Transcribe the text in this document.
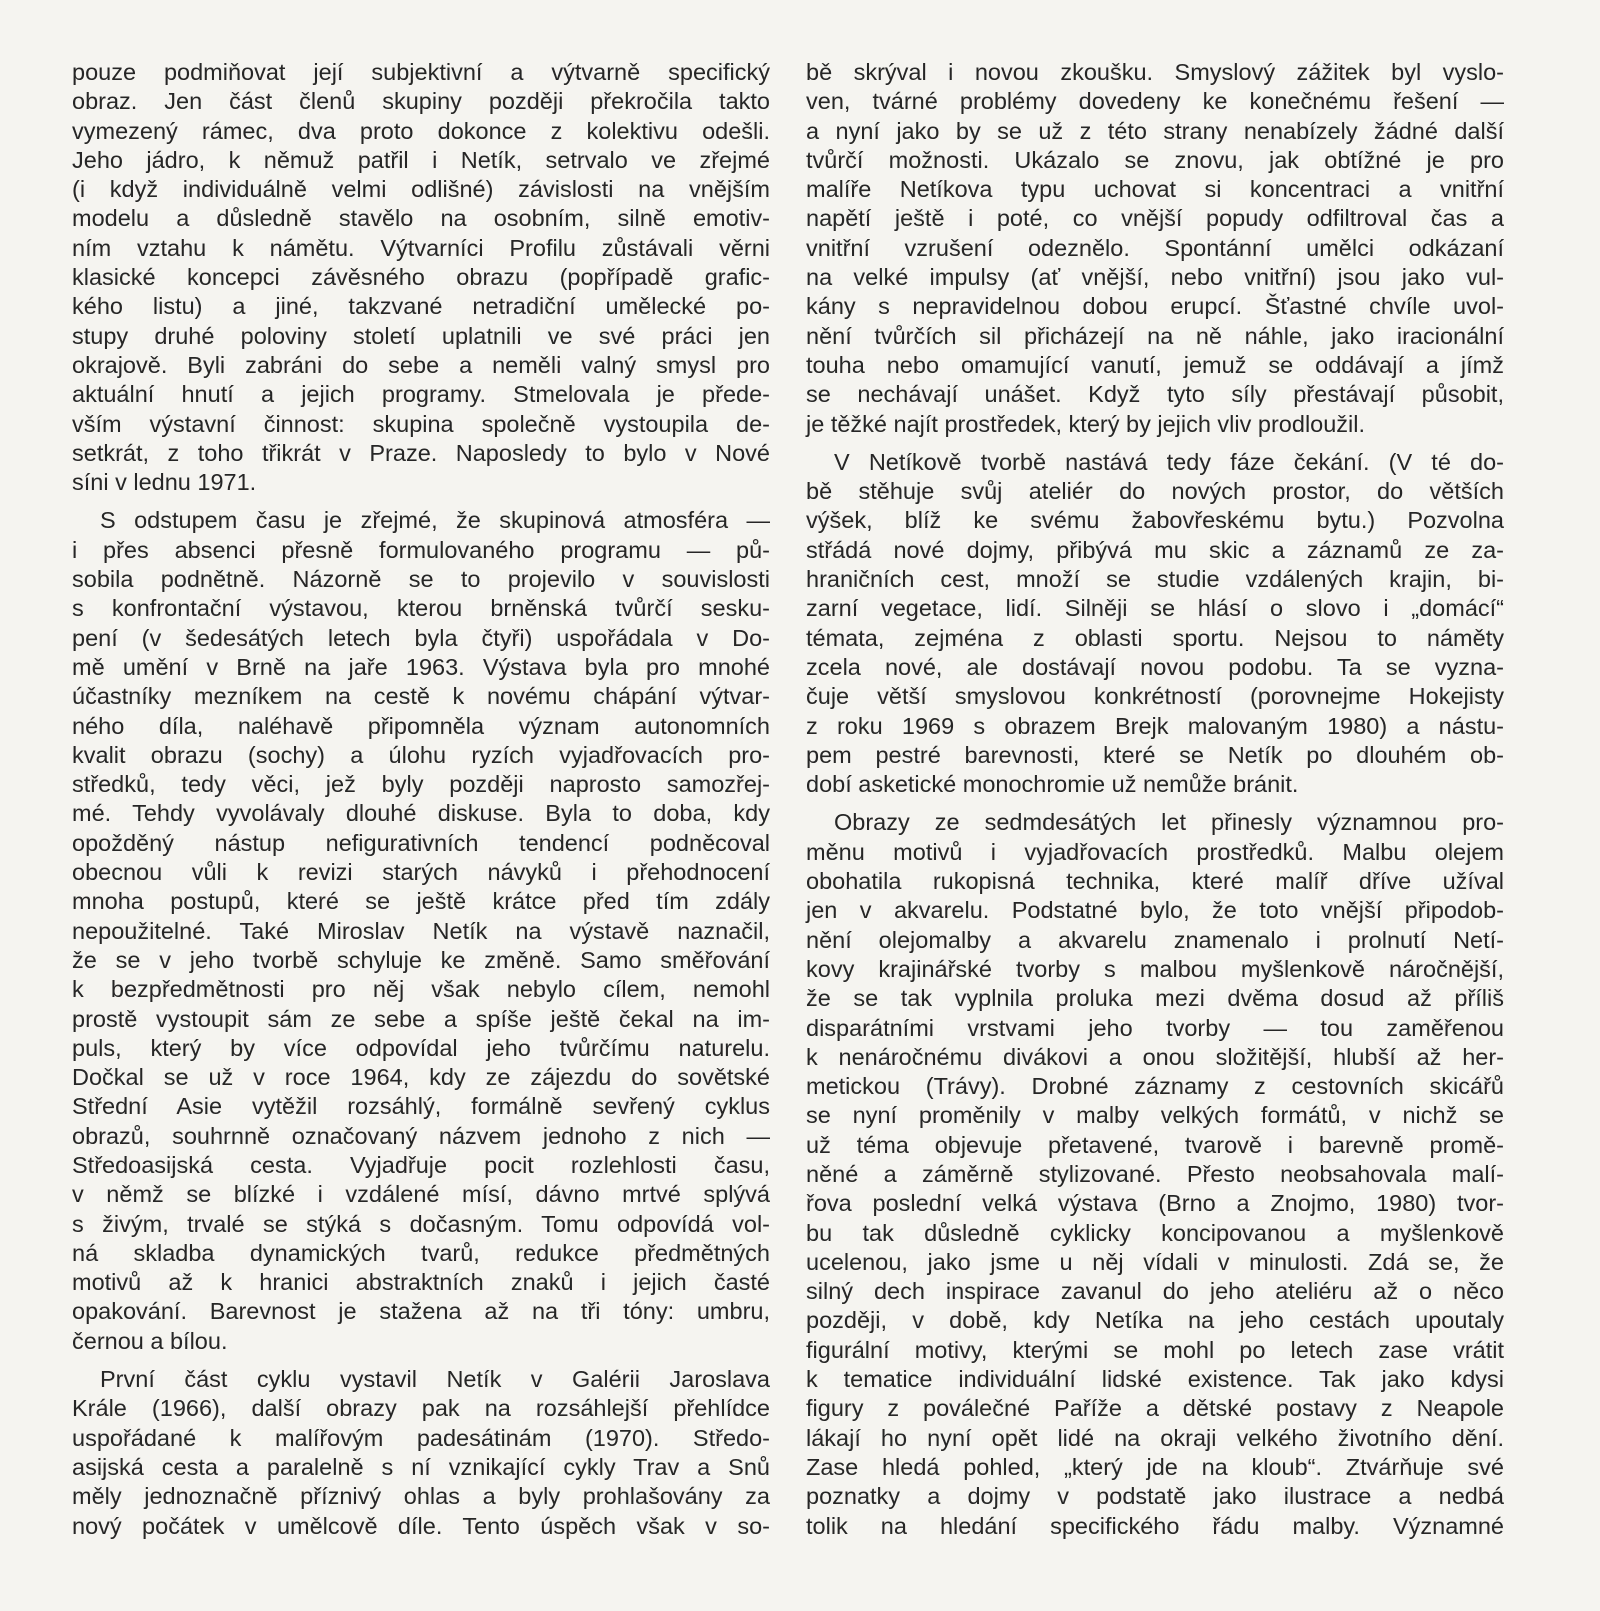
pouze podmiňovat její subjektivní a výtvarně specifický
obraz. Jen část členů skupiny později překročila takto
vymezený rámec, dva proto dokonce z kolektivu odešli.
Jeho jádro, k němuž patřil i Netík, setrvalo ve zřejmé
(i když individuálně velmi odlišné) závislosti na vnějším
modelu a důsledně stavělo na osobním, silně emotiv-
ním vztahu k námětu. Výtvarníci Profilu zůstávali věrni
klasické koncepci závěsného obrazu (popřípadě grafic-
kého listu) a jiné, takzvané netradiční umělecké po-
stupy druhé poloviny století uplatnili ve své práci jen
okrajově. Byli zabráni do sebe a neměli valný smysl pro
aktuální hnutí a jejich programy. Stmelovala je přede-
vším výstavní činnost: skupina společně vystoupila de-
setkrát, z toho třikrát v Praze. Naposledy to bylo v Nové
síni v lednu 1971.
S odstupem času je zřejmé, že skupinová atmosféra —
i přes absenci přesně formulovaného programu — pů-
sobila podnětně. Názorně se to projevilo v souvislosti
s konfrontační výstavou, kterou brněnská tvůrčí sesku-
pení (v šedesátých letech byla čtyři) uspořádala v Do-
mě umění v Brně na jaře 1963. Výstava byla pro mnohé
účastníky mezníkem na cestě k novému chápání výtvar-
ného díla, naléhavě připomněla význam autonomních
kvalit obrazu (sochy) a úlohu ryzích vyjadřovacích pro-
středků, tedy věci, jež byly později naprosto samozřej-
mé. Tehdy vyvolávaly dlouhé diskuse. Byla to doba, kdy
opožděný nástup nefigurativních tendencí podněcoval
obecnou vůli k revizi starých návyků i přehodnocení
mnoha postupů, které se ještě krátce před tím zdály
nepoužitelné. Také Miroslav Netík na výstavě naznačil,
že se v jeho tvorbě schyluje ke změně. Samo směřování
k bezpředmětnosti pro něj však nebylo cílem, nemohl
prostě vystoupit sám ze sebe a spíše ještě čekal na im-
puls, který by více odpovídal jeho tvůrčímu naturelu.
Dočkal se už v roce 1964, kdy ze zájezdu do sovětské
Střední Asie vytěžil rozsáhlý, formálně sevřený cyklus
obrazů, souhrnně označovaný názvem jednoho z nich —
Středoasijská cesta. Vyjadřuje pocit rozlehlosti času,
v němž se blízké i vzdálené mísí, dávno mrtvé splývá
s živým, trvalé se stýká s dočasným. Tomu odpovídá vol-
ná skladba dynamických tvarů, redukce předmětných
motivů až k hranici abstraktních znaků i jejich časté
opakování. Barevnost je stažena až na tři tóny: umbru,
černou a bílou.
První část cyklu vystavil Netík v Galérii Jaroslava
Krále (1966), další obrazy pak na rozsáhlejší přehlídce
uspořádané k malířovým padesátinám (1970). Středo-
asijská cesta a paralelně s ní vznikající cykly Trav a Snů
měly jednoznačně příznivý ohlas a byly prohlašovány za
nový počátek v umělcově díle. Tento úspěch však v so-
bě skrýval i novou zkoušku. Smyslový zážitek byl vyslo-
ven, tvárné problémy dovedeny ke konečnému řešení —
a nyní jako by se už z této strany nenabízely žádné další
tvůrčí možnosti. Ukázalo se znovu, jak obtížné je pro
malíře Netíkova typu uchovat si koncentraci a vnitřní
napětí ještě i poté, co vnější popudy odfiltroval čas a
vnitřní vzrušení odeznělo. Spontánní umělci odkázaní
na velké impulsy (ať vnější, nebo vnitřní) jsou jako vul-
kány s nepravidelnou dobou erupcí. Šťastné chvíle uvol-
nění tvůrčích sil přicházejí na ně náhle, jako iracionální
touha nebo omamující vanutí, jemuž se oddávají a jímž
se nechávají unášet. Když tyto síly přestávají působit,
je těžké najít prostředek, který by jejich vliv prodloužil.
V Netíkově tvorbě nastává tedy fáze čekání. (V té do-
bě stěhuje svůj ateliér do nových prostor, do větších
výšek, blíž ke svému žabovřeskému bytu.) Pozvolna
střádá nové dojmy, přibývá mu skic a záznamů ze za-
hraničních cest, množí se studie vzdálených krajin, bi-
zarní vegetace, lidí. Silněji se hlásí o slovo i „domácí“
témata, zejména z oblasti sportu. Nejsou to náměty
zcela nové, ale dostávají novou podobu. Ta se vyzna-
čuje větší smyslovou konkrétností (porovnejme Hokejisty
z roku 1969 s obrazem Brejk malovaným 1980) a nástu-
pem pestré barevnosti, které se Netík po dlouhém ob-
dobí asketické monochromie už nemůže bránit.
Obrazy ze sedmdesátých let přinesly významnou pro-
měnu motivů i vyjadřovacích prostředků. Malbu olejem
obohatila rukopisná technika, které malíř dříve užíval
jen v akvarelu. Podstatné bylo, že toto vnější připodob-
nění olejomalby a akvarelu znamenalo i prolnutí Netí-
kovy krajinářské tvorby s malbou myšlenkově náročnější,
že se tak vyplnila proluka mezi dvěma dosud až příliš
disparátními vrstvami jeho tvorby — tou zaměřenou
k nenáročnému divákovi a onou složitější, hlubší až her-
metickou (Trávy). Drobné záznamy z cestovních skicářů
se nyní proměnily v malby velkých formátů, v nichž se
už téma objevuje přetavené, tvarově i barevně promě-
něné a záměrně stylizované. Přesto neobsahovala malí-
řova poslední velká výstava (Brno a Znojmo, 1980) tvor-
bu tak důsledně cyklicky koncipovanou a myšlenkově
ucelenou, jako jsme u něj vídali v minulosti. Zdá se, že
silný dech inspirace zavanul do jeho ateliéru až o něco
později, v době, kdy Netíka na jeho cestách upoutaly
figurální motivy, kterými se mohl po letech zase vrátit
k tematice individuální lidské existence. Tak jako kdysi
figury z poválečné Paříže a dětské postavy z Neapole
lákají ho nyní opět lidé na okraji velkého životního dění.
Zase hledá pohled, „který jde na kloub“. Ztvárňuje své
poznatky a dojmy v podstatě jako ilustrace a nedbá
tolik na hledání specifického řádu malby. Významné
